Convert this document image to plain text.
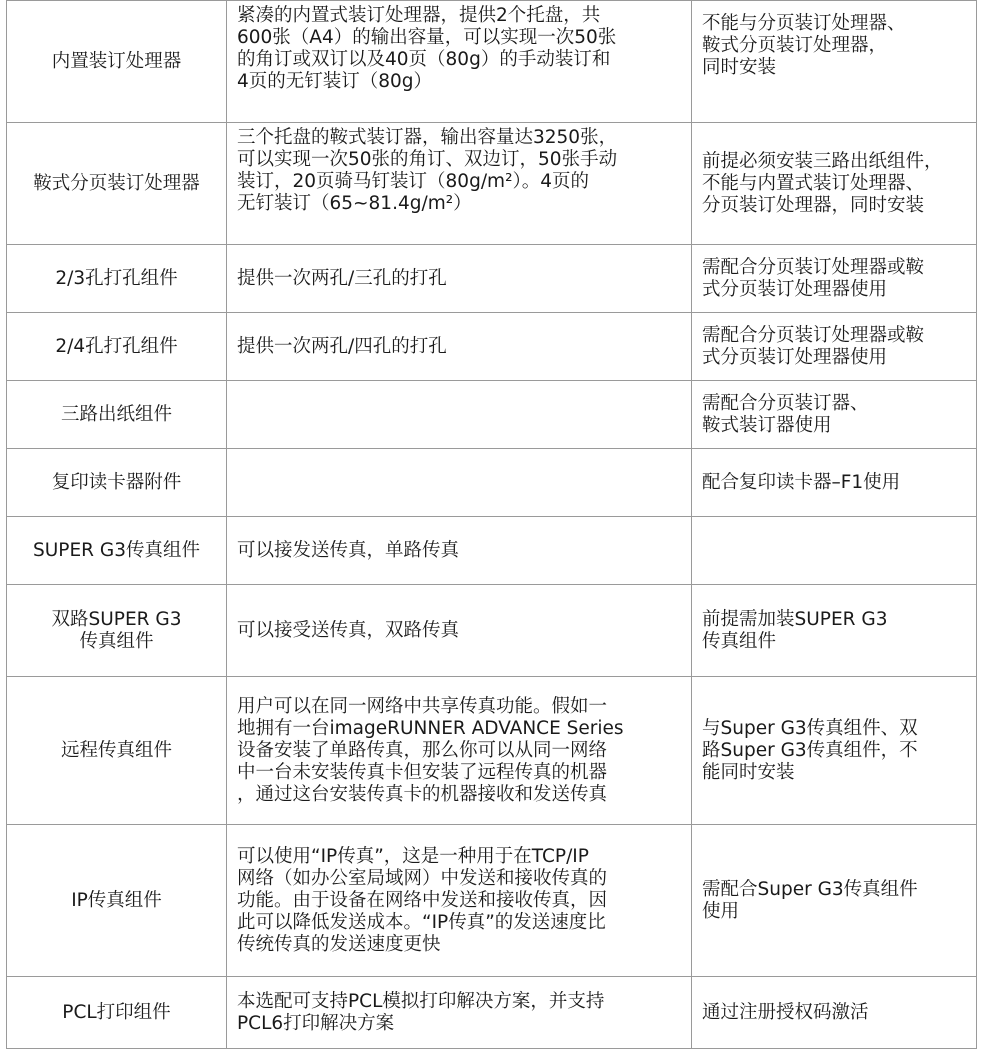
内置装订处理器	紧凑的内置式装订处理器，提供2个托盘，共
600张（A4）的输出容量，可以实现一次50张
的角订或双订以及40页（80g）的手动装订和
4页的无钉装订（80g）	不能与分页装订处理器、
鞍式分页装订处理器，
同时安装
鞍式分页装订处理器	三个托盘的鞍式装订器，输出容量达3250张，
可以实现一次50张的角订、双边订，50张手动
装订，20页骑马钉装订（80g/m²）。4页的
无钉装订（65~81.4g/m²）	前提必须安装三路出纸组件，
不能与内置式装订处理器、
分页装订处理器，同时安装
2/3孔打孔组件	提供一次两孔/三孔的打孔	需配合分页装订处理器或鞍
式分页装订处理器使用
2/4孔打孔组件	提供一次两孔/四孔的打孔	需配合分页装订处理器或鞍
式分页装订处理器使用
三路出纸组件		需配合分页装订器、
鞍式装订器使用
复印读卡器附件		配合复印读卡器–F1使用
SUPER G3传真组件	可以接发送传真，单路传真	
双路SUPER G3
传真组件	可以接受送传真，双路传真	前提需加装SUPER G3
传真组件
远程传真组件	用户可以在同一网络中共享传真功能。假如一
地拥有一台imageRUNNER ADVANCE Series
设备安装了单路传真，那么你可以从同一网络
中一台未安装传真卡但安装了远程传真的机器
，通过这台安装传真卡的机器接收和发送传真	与Super G3传真组件、双
路Super G3传真组件，不
能同时安装
IP传真组件	可以使用“IP传真”，这是一种用于在TCP/IP
网络（如办公室局域网）中发送和接收传真的
功能。由于设备在网络中发送和接收传真，因
此可以降低发送成本。“IP传真”的发送速度比
传统传真的发送速度更快	需配合Super G3传真组件
使用
PCL打印组件	本选配可支持PCL模拟打印解决方案，并支持
PCL6打印解决方案	通过注册授权码激活
